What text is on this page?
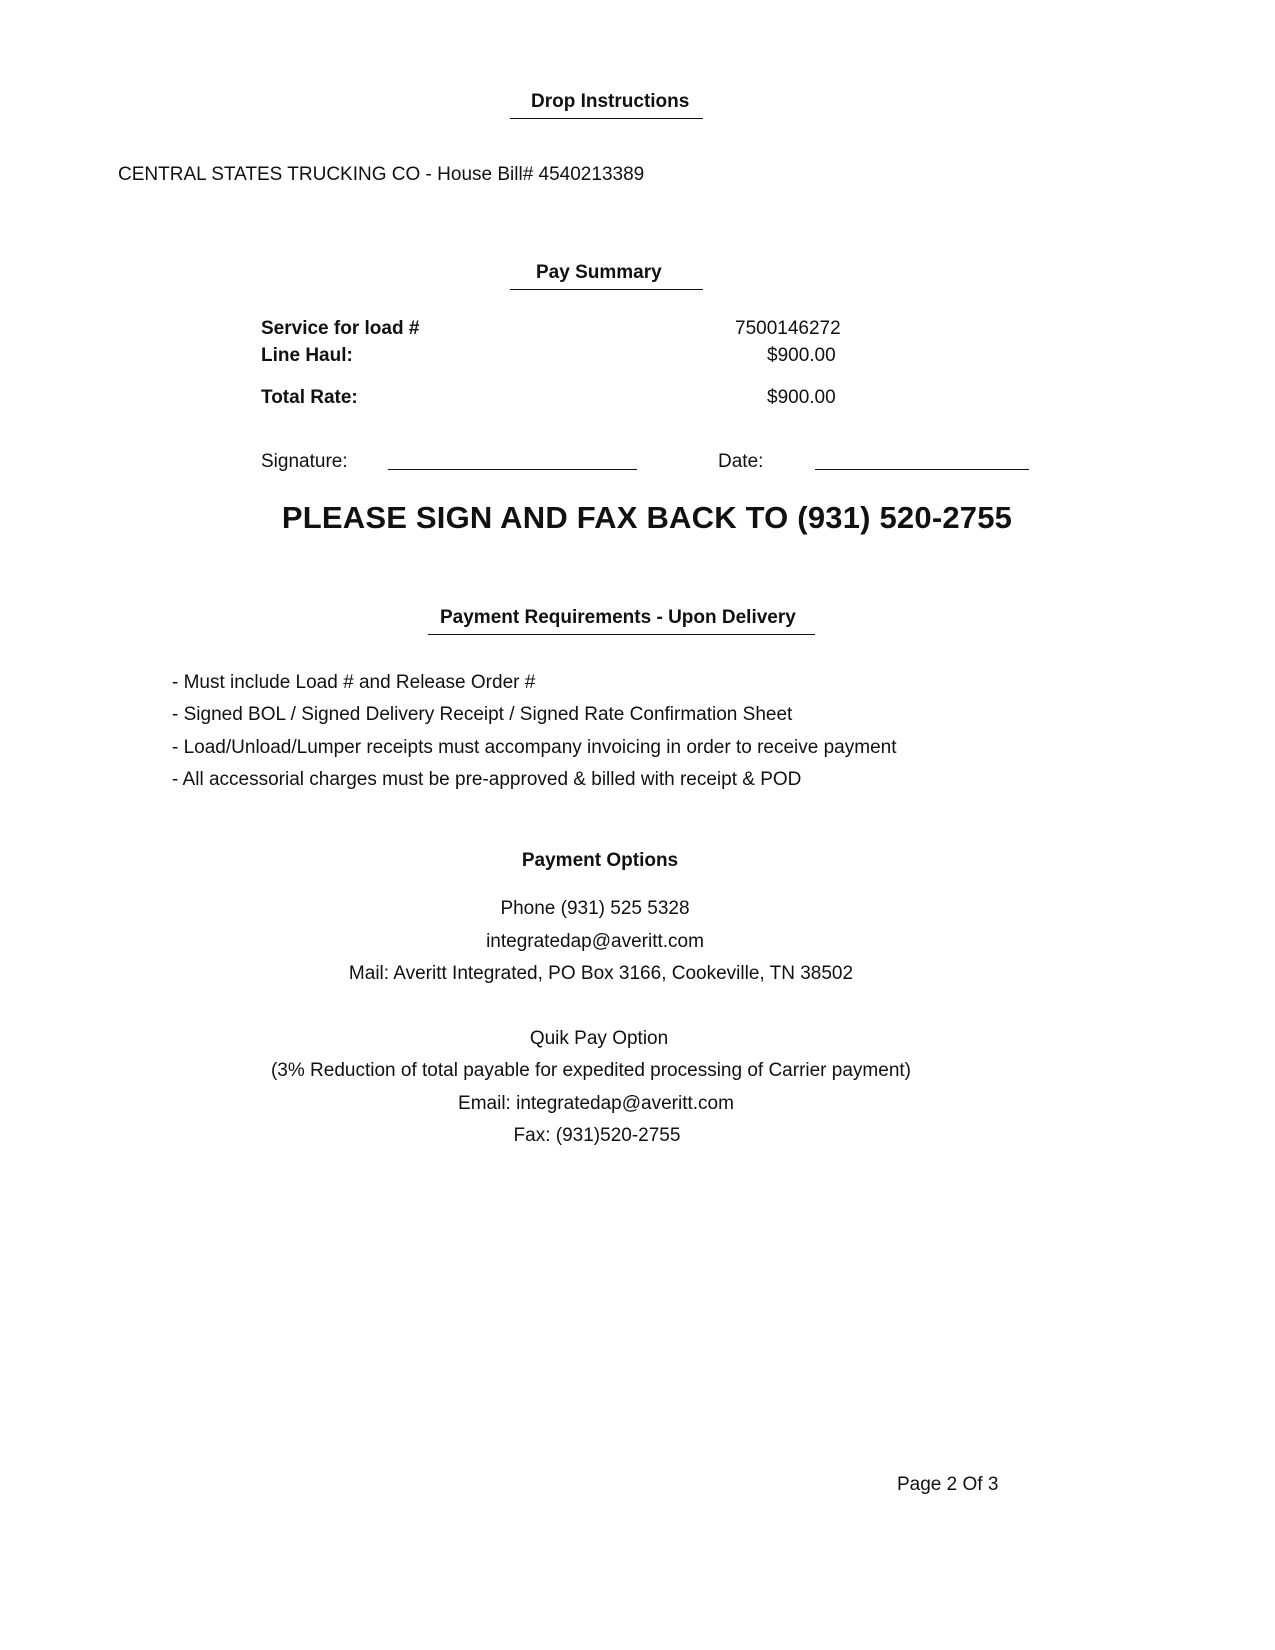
Drop Instructions
CENTRAL STATES TRUCKING CO - House Bill# 4540213389
Pay Summary
Service for load #	7500146272
Line Haul:	$900.00
Total Rate:	$900.00
Signature:	Date:
PLEASE SIGN AND FAX BACK TO (931) 520-2755
Payment Requirements - Upon Delivery
- Must include Load # and Release Order #
- Signed BOL / Signed Delivery Receipt / Signed Rate Confirmation Sheet
- Load/Unload/Lumper receipts must accompany invoicing in order to receive payment
- All accessorial charges must be pre-approved & billed with receipt & POD
Payment Options
Phone (931) 525 5328
integratedap@averitt.com
Mail: Averitt Integrated, PO Box 3166, Cookeville, TN 38502
Quik Pay Option
(3% Reduction of total payable for expedited processing of Carrier payment)
Email: integratedap@averitt.com
Fax: (931)520-2755
Page 2 Of 3
